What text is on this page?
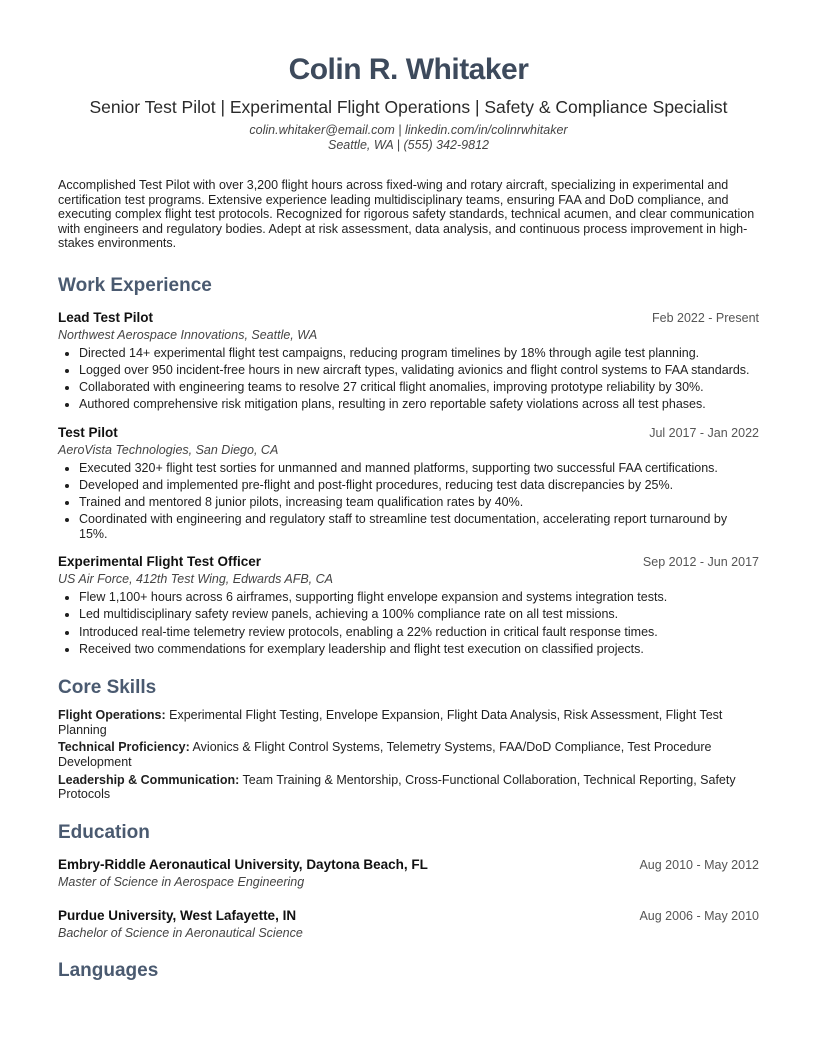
Colin R. Whitaker
Senior Test Pilot | Experimental Flight Operations | Safety & Compliance Specialist
colin.whitaker@email.com | linkedin.com/in/colinrwhitaker
Seattle, WA | (555) 342-9812
Accomplished Test Pilot with over 3,200 flight hours across fixed-wing and rotary aircraft, specializing in experimental and certification test programs. Extensive experience leading multidisciplinary teams, ensuring FAA and DoD compliance, and executing complex flight test protocols. Recognized for rigorous safety standards, technical acumen, and clear communication with engineers and regulatory bodies. Adept at risk assessment, data analysis, and continuous process improvement in high-stakes environments.
Work Experience
Lead Test Pilot	Feb 2022 - Present
Northwest Aerospace Innovations, Seattle, WA
• Directed 14+ experimental flight test campaigns, reducing program timelines by 18% through agile test planning.
• Logged over 950 incident-free hours in new aircraft types, validating avionics and flight control systems to FAA standards.
• Collaborated with engineering teams to resolve 27 critical flight anomalies, improving prototype reliability by 30%.
• Authored comprehensive risk mitigation plans, resulting in zero reportable safety violations across all test phases.
Test Pilot	Jul 2017 - Jan 2022
AeroVista Technologies, San Diego, CA
• Executed 320+ flight test sorties for unmanned and manned platforms, supporting two successful FAA certifications.
• Developed and implemented pre-flight and post-flight procedures, reducing test data discrepancies by 25%.
• Trained and mentored 8 junior pilots, increasing team qualification rates by 40%.
• Coordinated with engineering and regulatory staff to streamline test documentation, accelerating report turnaround by 15%.
Experimental Flight Test Officer	Sep 2012 - Jun 2017
US Air Force, 412th Test Wing, Edwards AFB, CA
• Flew 1,100+ hours across 6 airframes, supporting flight envelope expansion and systems integration tests.
• Led multidisciplinary safety review panels, achieving a 100% compliance rate on all test missions.
• Introduced real-time telemetry review protocols, enabling a 22% reduction in critical fault response times.
• Received two commendations for exemplary leadership and flight test execution on classified projects.
Core Skills
Flight Operations: Experimental Flight Testing, Envelope Expansion, Flight Data Analysis, Risk Assessment, Flight Test Planning
Technical Proficiency: Avionics & Flight Control Systems, Telemetry Systems, FAA/DoD Compliance, Test Procedure Development
Leadership & Communication: Team Training & Mentorship, Cross-Functional Collaboration, Technical Reporting, Safety Protocols
Education
Embry-Riddle Aeronautical University, Daytona Beach, FL	Aug 2010 - May 2012
Master of Science in Aerospace Engineering
Purdue University, West Lafayette, IN	Aug 2006 - May 2010
Bachelor of Science in Aeronautical Science
Languages
